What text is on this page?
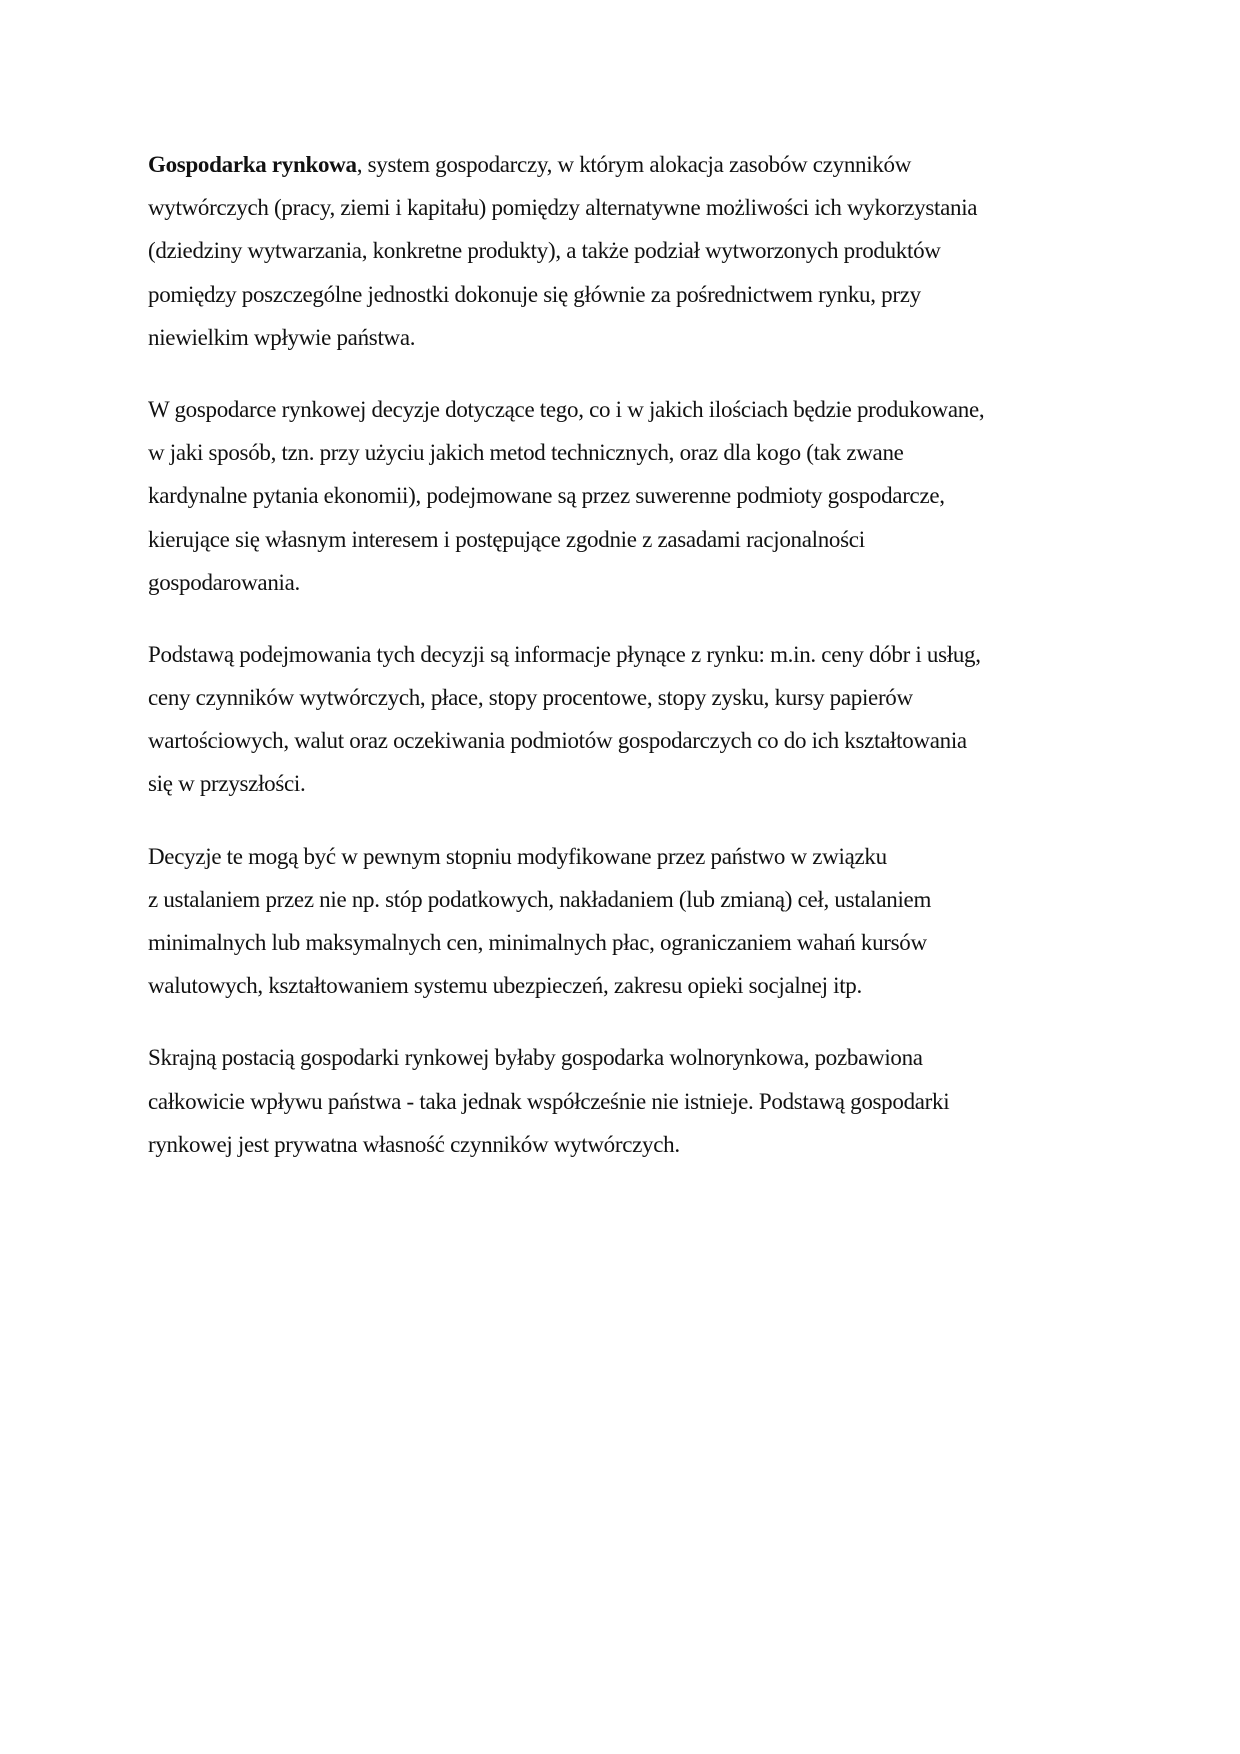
Gospodarka rynkowa, system gospodarczy, w którym alokacja zasobów czynników
wytwórczych (pracy, ziemi i kapitału) pomiędzy alternatywne możliwości ich wykorzystania
(dziedziny wytwarzania, konkretne produkty), a także podział wytworzonych produktów
pomiędzy poszczególne jednostki dokonuje się głównie za pośrednictwem rynku, przy
niewielkim wpływie państwa.

W gospodarce rynkowej decyzje dotyczące tego, co i w jakich ilościach będzie produkowane,
w jaki sposób, tzn. przy użyciu jakich metod technicznych, oraz dla kogo (tak zwane
kardynalne pytania ekonomii), podejmowane są przez suwerenne podmioty gospodarcze,
kierujące się własnym interesem i postępujące zgodnie z zasadami racjonalności
gospodarowania.

Podstawą podejmowania tych decyzji są informacje płynące z rynku: m.in. ceny dóbr i usług,
ceny czynników wytwórczych, płace, stopy procentowe, stopy zysku, kursy papierów
wartościowych, walut oraz oczekiwania podmiotów gospodarczych co do ich kształtowania
się w przyszłości.

Decyzje te mogą być w pewnym stopniu modyfikowane przez państwo w związku
z ustalaniem przez nie np. stóp podatkowych, nakładaniem (lub zmianą) ceł, ustalaniem
minimalnych lub maksymalnych cen, minimalnych płac, ograniczaniem wahań kursów
walutowych, kształtowaniem systemu ubezpieczeń, zakresu opieki socjalnej itp.

Skrajną postacią gospodarki rynkowej byłaby gospodarka wolnorynkowa, pozbawiona
całkowicie wpływu państwa - taka jednak współcześnie nie istnieje. Podstawą gospodarki
rynkowej jest prywatna własność czynników wytwórczych.
